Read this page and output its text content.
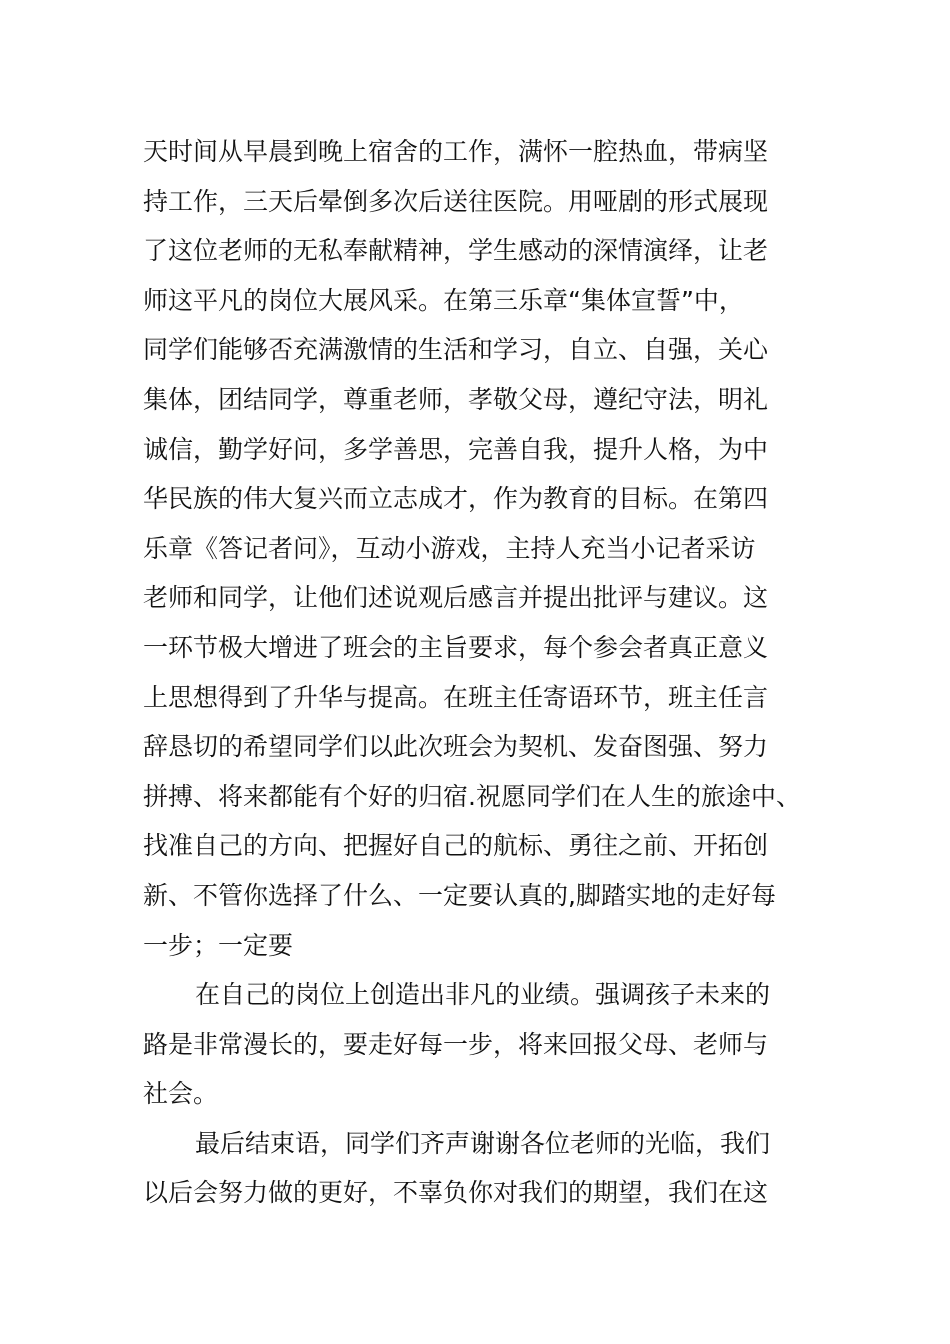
天时间从早晨到晚上宿舍的工作，满怀一腔热血，带病坚
持工作，三天后晕倒多次后送往医院。用哑剧的形式展现
了这位老师的无私奉献精神，学生感动的深情演绎，让老
师这平凡的岗位大展风采。在第三乐章“集体宣誓”中，
同学们能够否充满激情的生活和学习，自立、自强，关心
集体，团结同学，尊重老师，孝敬父母，遵纪守法，明礼
诚信，勤学好问，多学善思，完善自我，提升人格，为中
华民族的伟大复兴而立志成才，作为教育的目标。在第四
乐章《答记者问》，互动小游戏，主持人充当小记者采访
老师和同学，让他们述说观后感言并提出批评与建议。这
一环节极大增进了班会的主旨要求，每个参会者真正意义
上思想得到了升华与提高。在班主任寄语环节，班主任言
辞恳切的希望同学们以此次班会为契机、发奋图强、努力
拼搏、将来都能有个好的归宿.祝愿同学们在人生的旅途中、
找准自己的方向、把握好自己的航标、勇往之前、开拓创
新、不管你选择了什么、一定要认真的,脚踏实地的走好每
一步；一定要
在自己的岗位上创造出非凡的业绩。强调孩子未来的
路是非常漫长的，要走好每一步，将来回报父母、老师与
社会。
最后结束语，同学们齐声谢谢各位老师的光临，我们
以后会努力做的更好，不辜负你对我们的期望，我们在这
